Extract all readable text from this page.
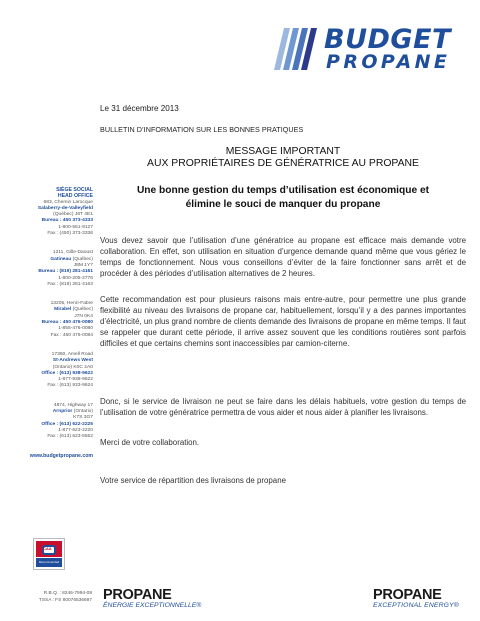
BUDGET
PROPANE
SIÈGE SOCIAL
HEAD OFFICE
683, Chemin Larocque
Salaberry-de-Valleyfield
(Québec) J6T 4E1
Bureau : 450 373-4333
1-800-561-9127
Fax : (450) 373-3336
1211, Gille-Daoust
Gatineau (Québec)
J8M 1Y7
Bureau : (819) 281-4161
1-800-205-2776
Fax : (819) 281-4163
13205, Henri-Fabre
Mirabel (Québec)
J7N 0K4
Bureau : 450 476-0080
1-855-476-0080
Fax : 450 476-0084
17360, Amell Road
St-Andrews West
(Ontario) K0C 2A0
Office : (613) 938-9622
1-877-938-9622
Fax : (613) 933-9624
4874, Highway 17
Arnprior (Ontario)
K7S 3G7
Office : (613) 622-2225
1-877-623-2220
Fax : (613) 623-5552
www.budgetpropane.com
CAA
Recommended
R.B.Q. : 8246-7994-08
TSSA : FS 80076536697
Le 31 décembre 2013
BULLETIN D’INFORMATION SUR LES BONNES PRATIQUES
MESSAGE IMPORTANT
AUX PROPRIÉTAIRES DE GÉNÉRATRICE AU PROPANE
Une bonne gestion du temps d’utilisation est économique et
élimine le souci de manquer du propane

Vous devez savoir que l’utilisation d’une génératrice au propane est efficace mais demande votre collaboration. En effet, son utilisation en situation d’urgence demande quand même que vous gériez le temps de fonctionnement. Nous vous conseillons d’éviter de la faire fonctionner sans arrêt et de procéder à des périodes d’utilisation alternatives de 2 heures.

Cette recommandation est pour plusieurs raisons mais entre-autre, pour permettre une plus grande flexibilité au niveau des livraisons de propane car, habituellement, lorsqu’il y a des pannes importantes d’électricité, un plus grand nombre de clients demande des livraisons de propane en même temps. Il faut se rappeler que durant cette période, il arrive assez souvent que les conditions routières sont parfois difficiles et que certains chemins sont inaccessibles par camion-citerne.

Donc, si le service de livraison ne peut se faire dans les délais habituels, votre gestion du temps de l’utilisation de votre génératrice permettra de vous aider et nous aider à planifier les livraisons.

Merci de votre collaboration.

Votre service de répartition des livraisons de propane

PROPANE
ÉNERGIE EXCEPTIONNELLE®
PROPANE
EXCEPTIONAL ENERGY®
